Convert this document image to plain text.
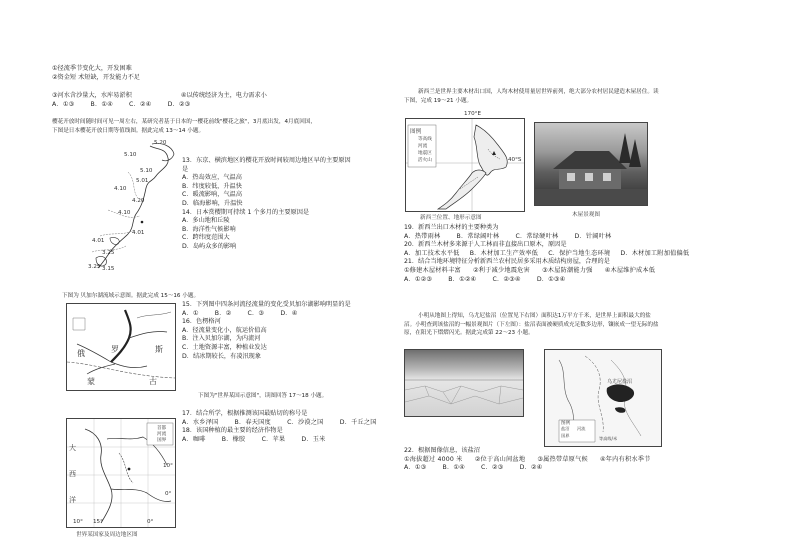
①径流季节变化大，开发困难
②资金短 术短缺，开发能力不足
③河水含沙量大，水库易淤积	④以传统经济为主，电力需求小
A．①③	B．①④	C．②④	D．②③
樱花开放时间随时间可见一周左右，某研究者基于日本的一樱花前线"樱花之旅"，3月底出发，4月底回国，
下图是日本樱花开放日期等值线图。据此完成 13～14 小题。
5.10
5.10
5.01
4.10
4.20
4.10
4.01
4.01
3.25
3.25 3.15
5.20
13．东京、横滨地区的樱花开放时间较周边地区早的主要原因
是
A．热岛效应，气温高
B．纬度较低，升温快
C．暖流影响，气温高
D．临海影响，升温快
14．日本赏樱期可持续 1 个多月的主要原因是
A．多山地和丘陵
B．海洋性气候影响
C．跨纬度范围大
D．岛屿众多的影响
下图为 贝加尔湖流域示意图。据此完成 15～16 小题。
俄	罗	斯
蒙	古
15．下列图中四条河流径流量的变化受贝加尔湖影响明显的是
A．①	B．②	C．③	D．④
16．色楞格河
A．径流量变化小，航运价值高
B．注入贝加尔湖，为内流河
C．土地资源丰富，种植业发达
D．结冰期较长，有凌汛现象
下图为"世界某国示意图"，读图回答 17～18 小题。
大
西
洋
10°
0°
10° 15°	0°
首都
河流
国界
世界某国家及周边地区图
17．结合所学，根据推测该国最贴切的称号是
A．水乡泽国	B．春天国度	C．沙漠之国	D．千丘之国
18．该国种植的最主要的经济作物是
A．咖啡	B．橡胶	C．苹果	D．玉米
新西兰是世界主要木材出口国，人均木材使用量居世界前列，绝大部分农村居民建造木屋居住。读
下图，完成 19～21 小题。
170°E
图例
等高线
河流
地震区
活火山	40°S
新西兰位置、地形示意图	木屋景观图
19．新西兰出口木材的主要种类为
A．热带雨林	B．常绿阔叶林	C．常绿硬叶林	D．针阔叶林
20．新西兰木材多来源于人工林而非直接出口原木，原因是
A．加工技术水平低 B．木材加工生产效率低 C．保护当地生态环境 D．木材加工附加值偏低
21．结合当地环境特征分析新西兰农村民居多采用木质结构房屋，合理的是
①修建木屋材料丰富 ②利于减少地震危害 ③木屋防潮能力强 ④木屋维护成本低
A．①②③	B．①②④	C．②③④	D．①③④
小明从地图上得知，乌尤尼盐沼（位置见下右图）面积达1万平方千米，是世界上面积最大的盐
沼。小明查到该盐沼的一幅景观图片（下左图）：盐沼表面被硬质成充足数多边形，镶嵌成一望无际的盐
原，在阳光下熠熠闪光。据此完成第 22～23 小题。
乌尤尼盐沼
图例
盐沼 河流
国界
等高线/米
22．根据图像信息，该盐沼
①海拔超过 4000 米 ②位于高山间盆地 ③属热带草原气候 ④年内有积水季节
A．①③	B．①④	C．②③	D．②④
